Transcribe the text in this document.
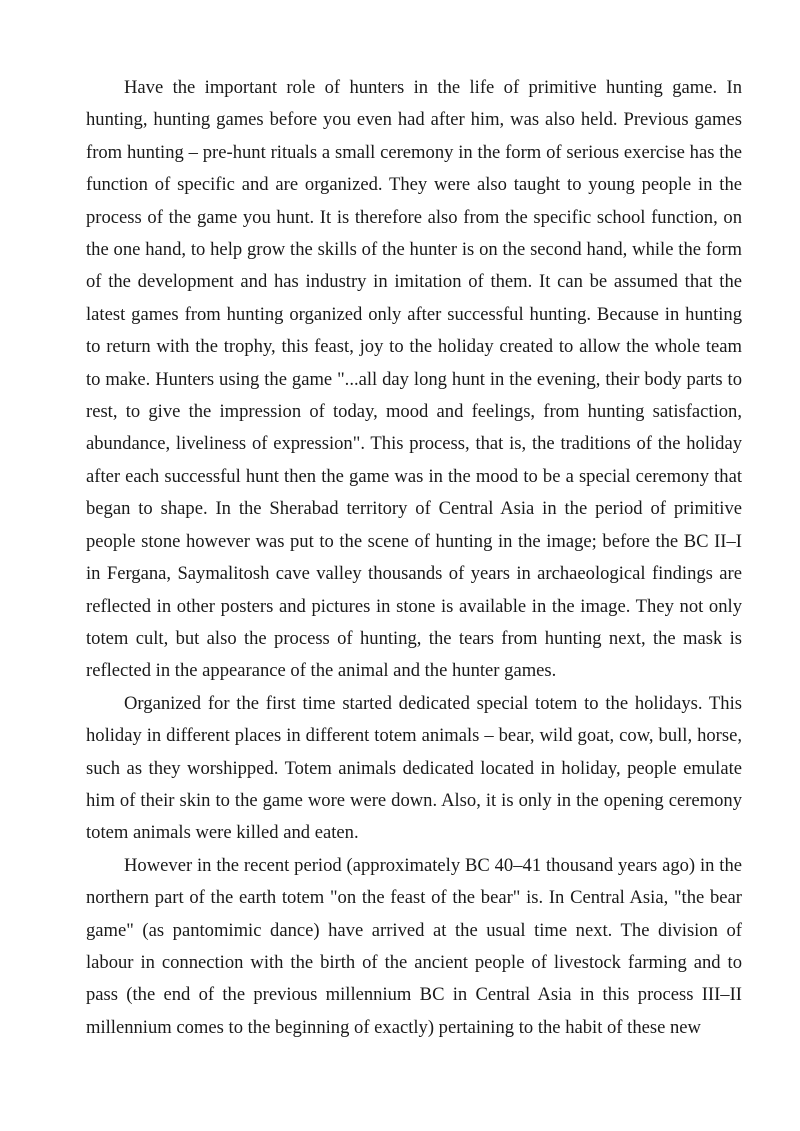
Have the important role of hunters in the life of primitive hunting game. In hunting, hunting games before you even had after him, was also held. Previous games from hunting – pre-hunt rituals a small ceremony in the form of serious exercise has the function of specific and are organized. They were also taught to young people in the process of the game you hunt. It is therefore also from the specific school function, on the one hand, to help grow the skills of the hunter is on the second hand, while the form of the development and has industry in imitation of them. It can be assumed that the latest games from hunting organized only after successful hunting. Because in hunting to return with the trophy, this feast, joy to the holiday created to allow the whole team to make. Hunters using the game "...all day long hunt in the evening, their body parts to rest, to give the impression of today, mood and feelings, from hunting satisfaction, abundance, liveliness of expression". This process, that is, the traditions of the holiday after each successful hunt then the game was in the mood to be a special ceremony that began to shape. In the Sherabad territory of Central Asia in the period of primitive people stone however was put to the scene of hunting in the image; before the BC II–I in Fergana, Saymalitosh cave valley thousands of years in archaeological findings are reflected in other posters and pictures in stone is available in the image. They not only totem cult, but also the process of hunting, the tears from hunting next, the mask is reflected in the appearance of the animal and the hunter games.

Organized for the first time started dedicated special totem to the holidays. This holiday in different places in different totem animals – bear, wild goat, cow, bull, horse, such as they worshipped. Totem animals dedicated located in holiday, people emulate him of their skin to the game wore were down. Also, it is only in the opening ceremony totem animals were killed and eaten.

However in the recent period (approximately BC 40–41 thousand years ago) in the northern part of the earth totem "on the feast of the bear" is. In Central Asia, "the bear game" (as pantomimic dance) have arrived at the usual time next. The division of labour in connection with the birth of the ancient people of livestock farming and to pass (the end of the previous millennium BC in Central Asia in this process III–II millennium comes to the beginning of exactly) pertaining to the habit of these new
